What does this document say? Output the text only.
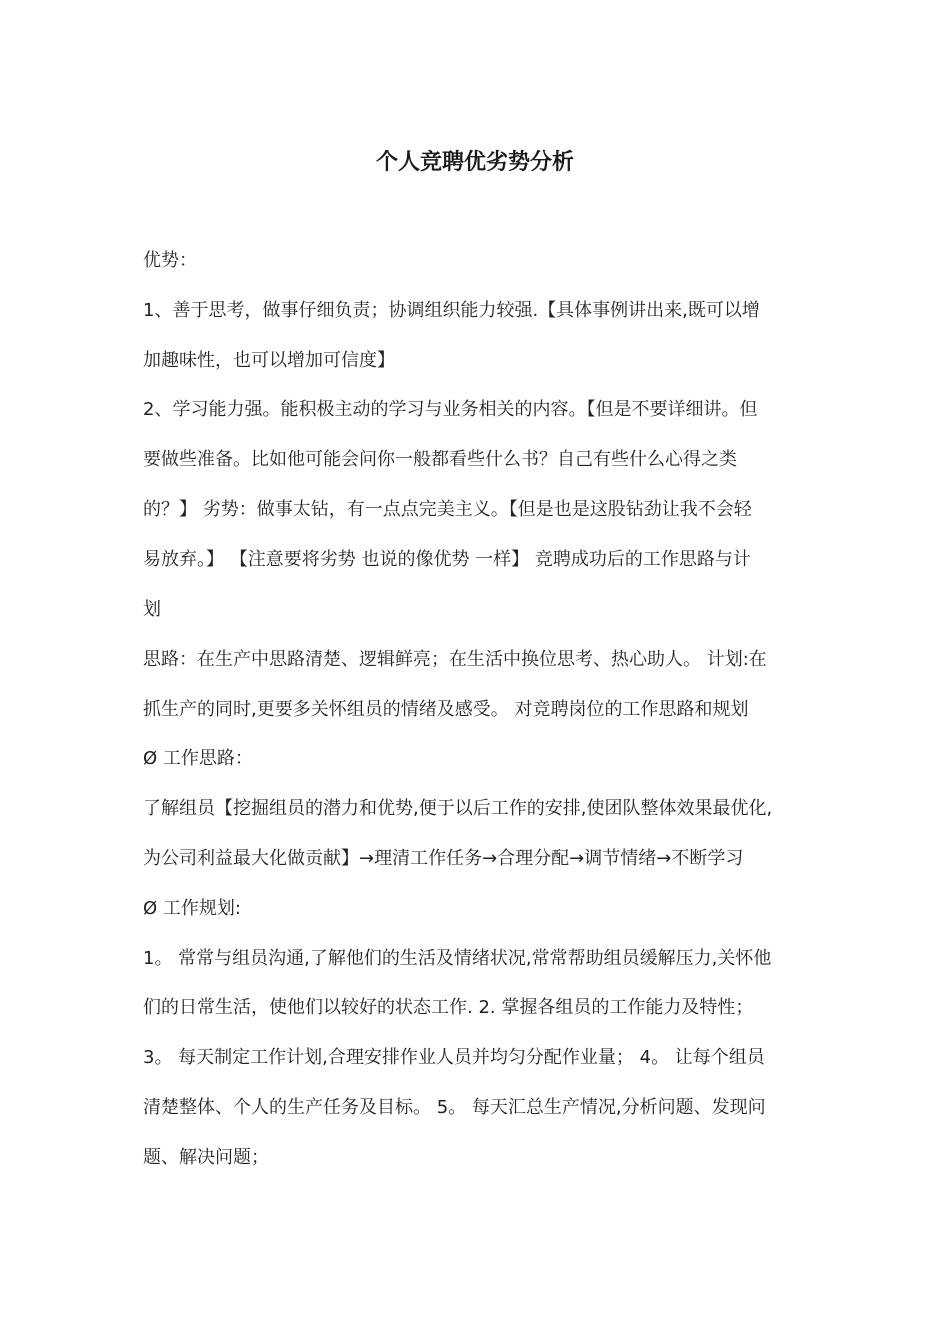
个人竞聘优劣势分析

优势：

1、善于思考，做事仔细负责；协调组织能力较强.【具体事例讲出来,既可以增

加趣味性，也可以增加可信度】

2、学习能力强。能积极主动的学习与业务相关的内容。【但是不要详细讲。但

要做些准备。比如他可能会问你一般都看些什么书？自己有些什么心得之类

的？】 劣势：做事太钻，有一点点完美主义。【但是也是这股钻劲让我不会轻

易放弃。】 【注意要将劣势 也说的像优势 一样】 竞聘成功后的工作思路与计

划

思路：在生产中思路清楚、逻辑鲜亮；在生活中换位思考、热心助人。 计划:在

抓生产的同时,更要多关怀组员的情绪及感受。 对竞聘岗位的工作思路和规划

Ø 工作思路：

了解组员【挖掘组员的潜力和优势,便于以后工作的安排,使团队整体效果最优化,

为公司利益最大化做贡献】→理清工作任务→合理分配→调节情绪→不断学习

Ø 工作规划:

1。 常常与组员沟通,了解他们的生活及情绪状况,常常帮助组员缓解压力,关怀他

们的日常生活，使他们以较好的状态工作. 2. 掌握各组员的工作能力及特性；

3。 每天制定工作计划,合理安排作业人员并均匀分配作业量； 4。 让每个组员

清楚整体、个人的生产任务及目标。 5。 每天汇总生产情况,分析问题、发现问

题、解决问题；
